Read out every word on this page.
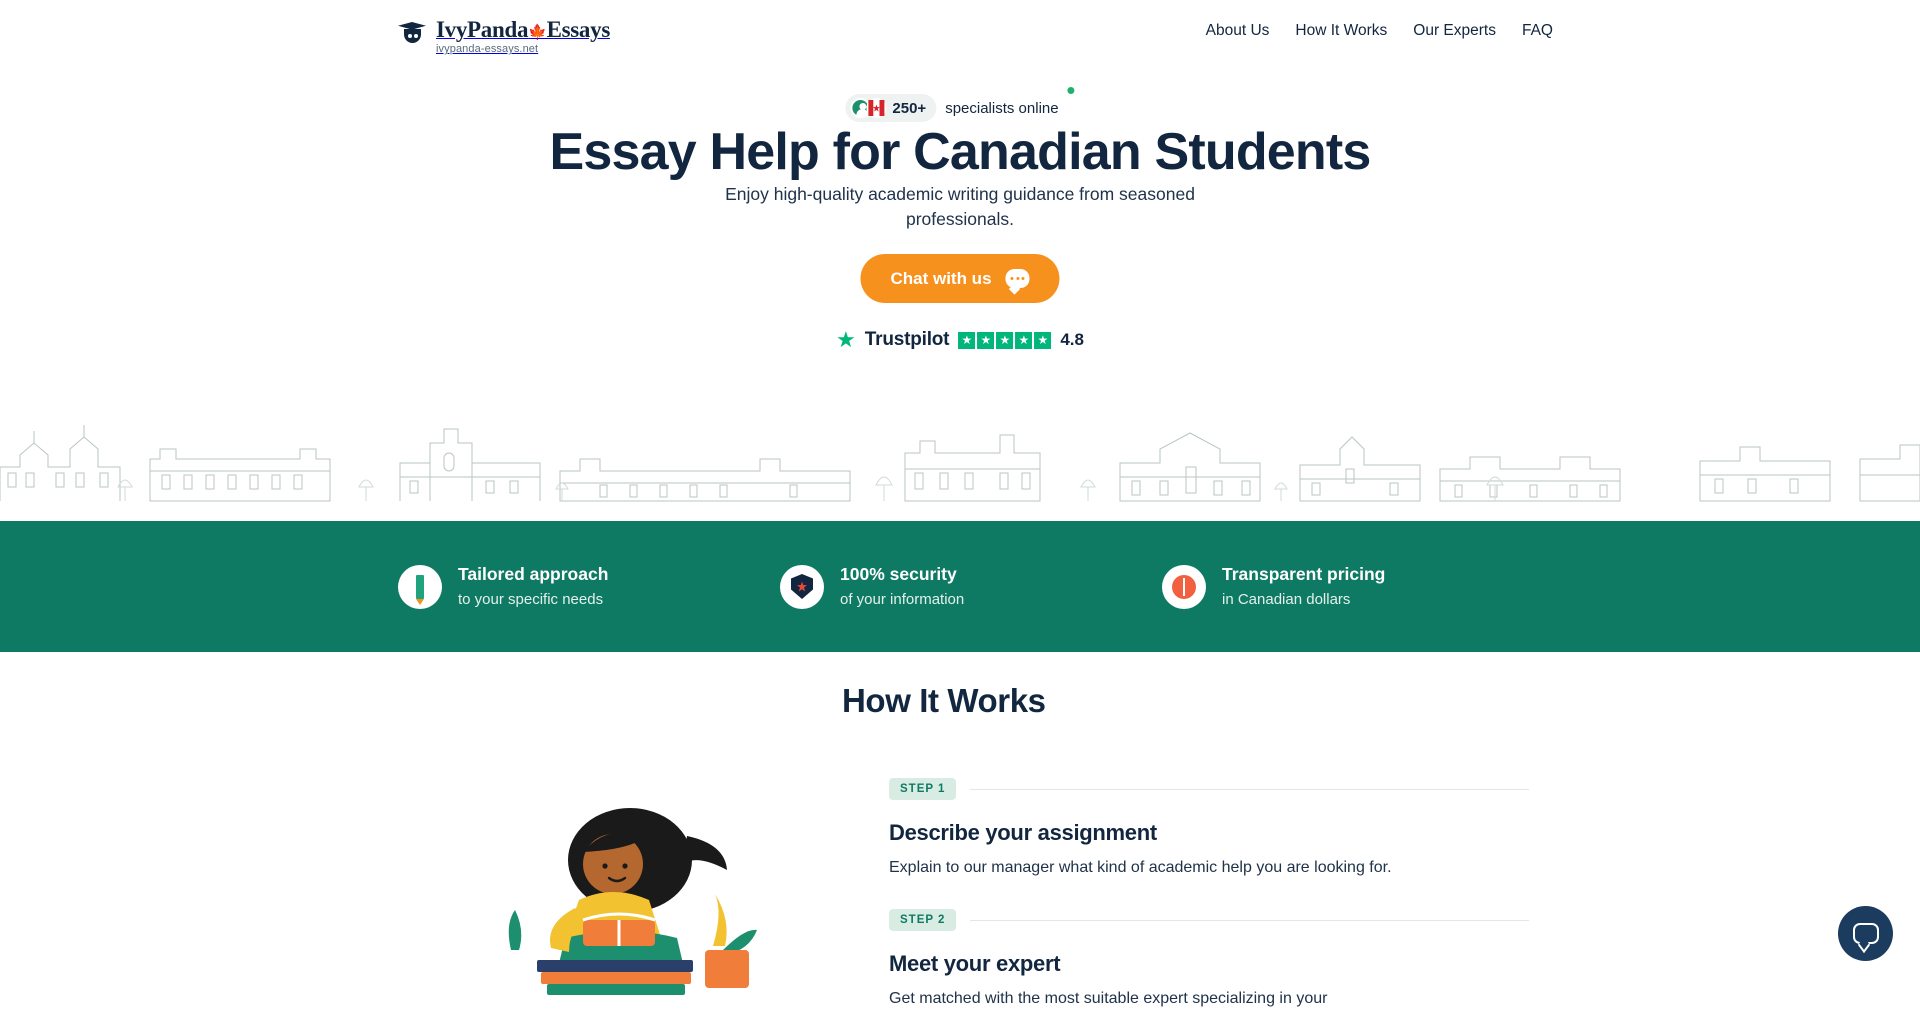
IvyPanda🍁Essays
ivypanda-essays.net
About Us How It Works Our Experts FAQ
250+ specialists online
Essay Help for Canadian Students

Enjoy high-quality academic writing guidance from seasoned professionals.

Chat with us
★ Trustpilot ★ ★ ★ ★ ★ 4.8
Tailored approach
to your specific needs
100% security
of your information
Transparent pricing
in Canadian dollars
How It Works
STEP 1
Describe your assignment
Explain to our manager what kind of academic help you are looking for.
STEP 2
Meet your expert
Get matched with the most suitable expert specializing in your
